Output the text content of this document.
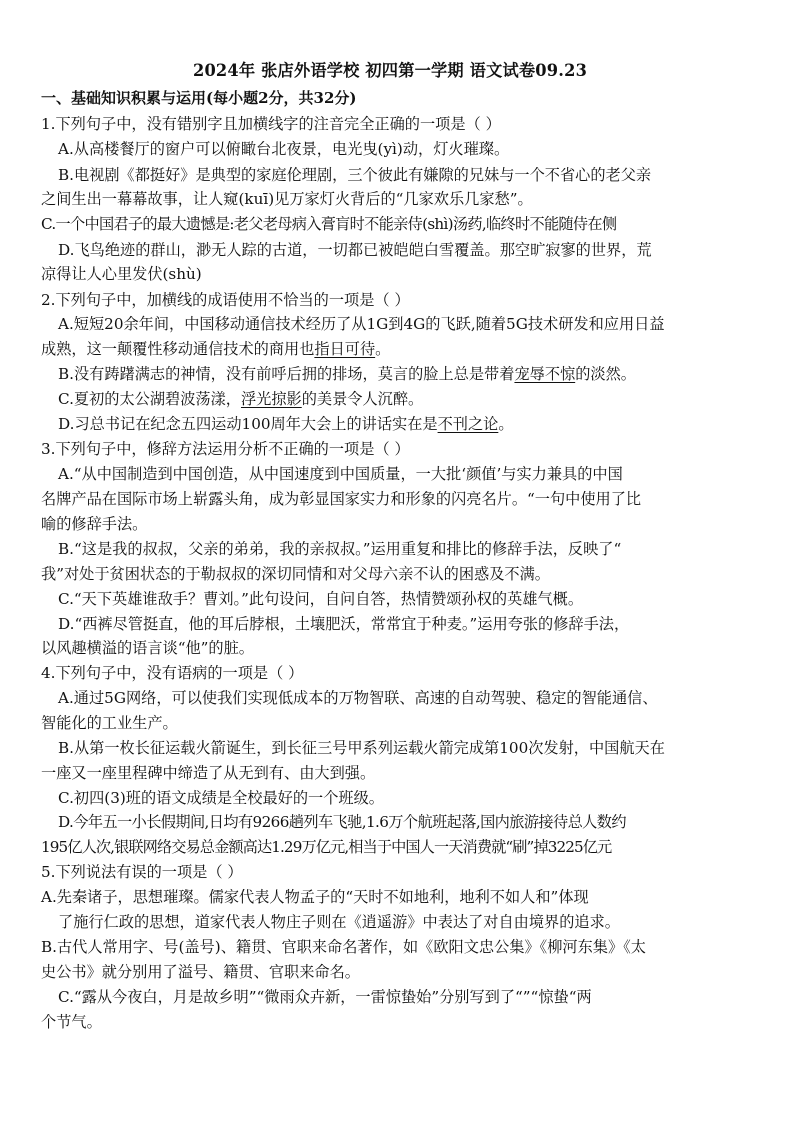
2024年 张店外语学校 初四第一学期 语文试卷09.23
一、基础知识积累与运用(每小题2分，共32分)
1.下列句子中，没有错别字且加横线字的注音完全正确的一项是（ ）
A.从高楼餐厅的窗户可以俯瞰台北夜景，电光曳(yì)动，灯火璀璨。
B.电视剧《都挺好》是典型的家庭伦理剧，三个彼此有嫌隙的兄妹与一个不省心的老父亲
之间生出一幕幕故事，让人窥(kuī)见万家灯火背后的“几家欢乐几家愁”。
C.一个中国君子的最大遗憾是:老父老母病入膏肓时不能亲侍(shì)汤药,临终时不能随侍在侧
D.飞鸟绝迹的群山，渺无人踪的古道，一切都已被皑皑白雪覆盖。那空旷寂寥的世界，荒
凉得让人心里发伏(shù)
2.下列句子中，加横线的成语使用不恰当的一项是（ ）
A.短短20余年间，中国移动通信技术经历了从1G到4G的飞跃,随着5G技术研发和应用日益
成熟，这一颠覆性移动通信技术的商用也指日可待。
B.没有踌躇满志的神情，没有前呼后拥的排场，莫言的脸上总是带着宠辱不惊的淡然。
C.夏初的太公湖碧波荡漾，浮光掠影的美景令人沉醉。
D.习总书记在纪念五四运动100周年大会上的讲话实在是不刊之论。
3.下列句子中，修辞方法运用分析不正确的一项是（ ）
A.“从中国制造到中国创造，从中国速度到中国质量，一大批‘颜值’与实力兼具的中国
名牌产品在国际市场上崭露头角，成为彰显国家实力和形象的闪亮名片。“一句中使用了比
喻的修辞手法。
B.“这是我的叔叔，父亲的弟弟，我的亲叔叔。”运用重复和排比的修辞手法，反映了“
我”对处于贫困状态的于勒叔叔的深切同情和对父母六亲不认的困惑及不满。
C.“天下英雄谁敌手？曹刘。”此句设问，自问自答，热情赞颂孙权的英雄气概。
D.“西裤尽管挺直，他的耳后脖根，土壤肥沃，常常宜于种麦。”运用夸张的修辞手法，
以风趣横溢的语言谈“他”的脏。
4.下列句子中，没有语病的一项是（ ）
A.通过5G网络，可以使我们实现低成本的万物智联、高速的自动驾驶、稳定的智能通信、
智能化的工业生产。
B.从第一枚长征运载火箭诞生，到长征三号甲系列运载火箭完成第100次发射，中国航天在
一座又一座里程碑中缔造了从无到有、由大到强。
C.初四(3)班的语文成绩是全校最好的一个班级。
D.今年五一小长假期间,日均有9266趟列车飞驰,1.6万个航班起落,国内旅游接待总人数约
195亿人次,银联网络交易总金额高达1.29万亿元,相当于中国人一天消费就“刷”掉3225亿元
5.下列说法有误的一项是（ ）
A.先秦诸子，思想璀璨。儒家代表人物孟子的“天时不如地利，地利不如人和”体现
了施行仁政的思想，道家代表人物庄子则在《逍遥游》中表达了对自由境界的追求。
B.古代人常用字、号(盖号)、籍贯、官职来命名著作，如《欧阳文忠公集》《柳河东集》《太
史公书》就分别用了溢号、籍贯、官职来命名。
C.“露从今夜白，月是故乡明”“微雨众卉新，一雷惊蛰始”分别写到了“”“惊蛰“两
个节气。
